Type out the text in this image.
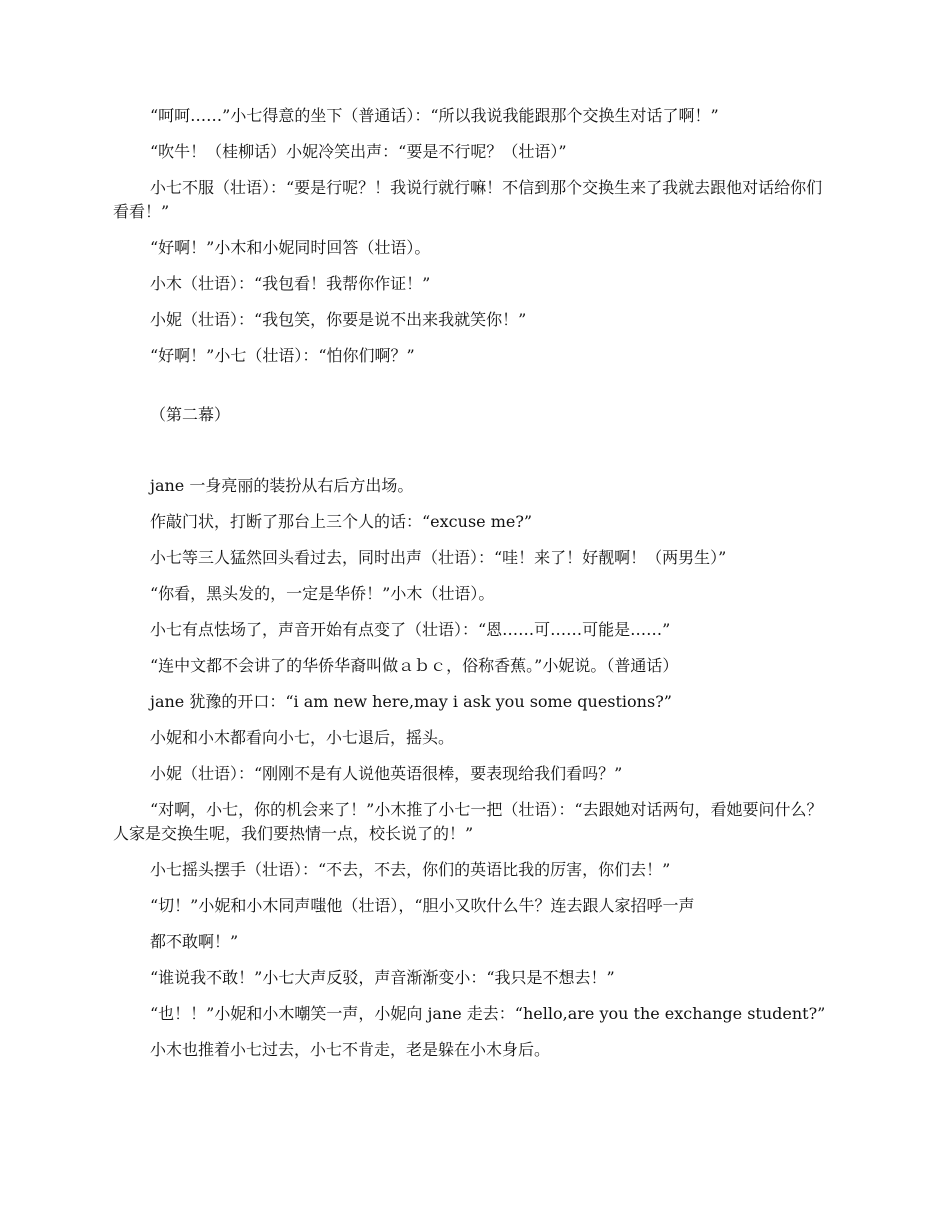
“呵呵……”小七得意的坐下（普通话）：“所以我说我能跟那个交换生对话了啊！”

“吹牛！（桂柳话）小妮冷笑出声：“要是不行呢？（壮语）”

小七不服（壮语）：“要是行呢？！我说行就行嘛！不信到那个交换生来了我就去跟他对话给你们看看！”

“好啊！”小木和小妮同时回答（壮语）。

小木（壮语）：“我包看！我帮你作证！”

小妮（壮语）：“我包笑，你要是说不出来我就笑你！”

“好啊！”小七（壮语）：“怕你们啊？”

（第二幕）

jane 一身亮丽的装扮从右后方出场。

作敲门状，打断了那台上三个人的话：“excuse me?”

小七等三人猛然回头看过去，同时出声（壮语）：“哇！来了！好靓啊！（两男生）”

“你看，黑头发的，一定是华侨！”小木（壮语）。

小七有点怯场了，声音开始有点变了（壮语）：“恩……可……可能是……”

“连中文都不会讲了的华侨华裔叫做ａｂｃ，俗称香蕉。”小妮说。（普通话）

jane 犹豫的开口：“i am new here,may i ask you some questions?”

小妮和小木都看向小七，小七退后，摇头。

小妮（壮语）：“刚刚不是有人说他英语很棒，要表现给我们看吗？”

“对啊，小七，你的机会来了！”小木推了小七一把（壮语）：“去跟她对话两句，看她要问什么？人家是交换生呢，我们要热情一点，校长说了的！”

小七摇头摆手（壮语）：“不去，不去，你们的英语比我的厉害，你们去！”

“切！”小妮和小木同声嗤他（壮语），“胆小又吹什么牛？连去跟人家招呼一声

都不敢啊！”

“谁说我不敢！”小七大声反驳，声音渐渐变小：“我只是不想去！”

“也！！”小妮和小木嘲笑一声，小妮向 jane 走去：“hello,are you the exchange student?”

小木也推着小七过去，小七不肯走，老是躲在小木身后。
